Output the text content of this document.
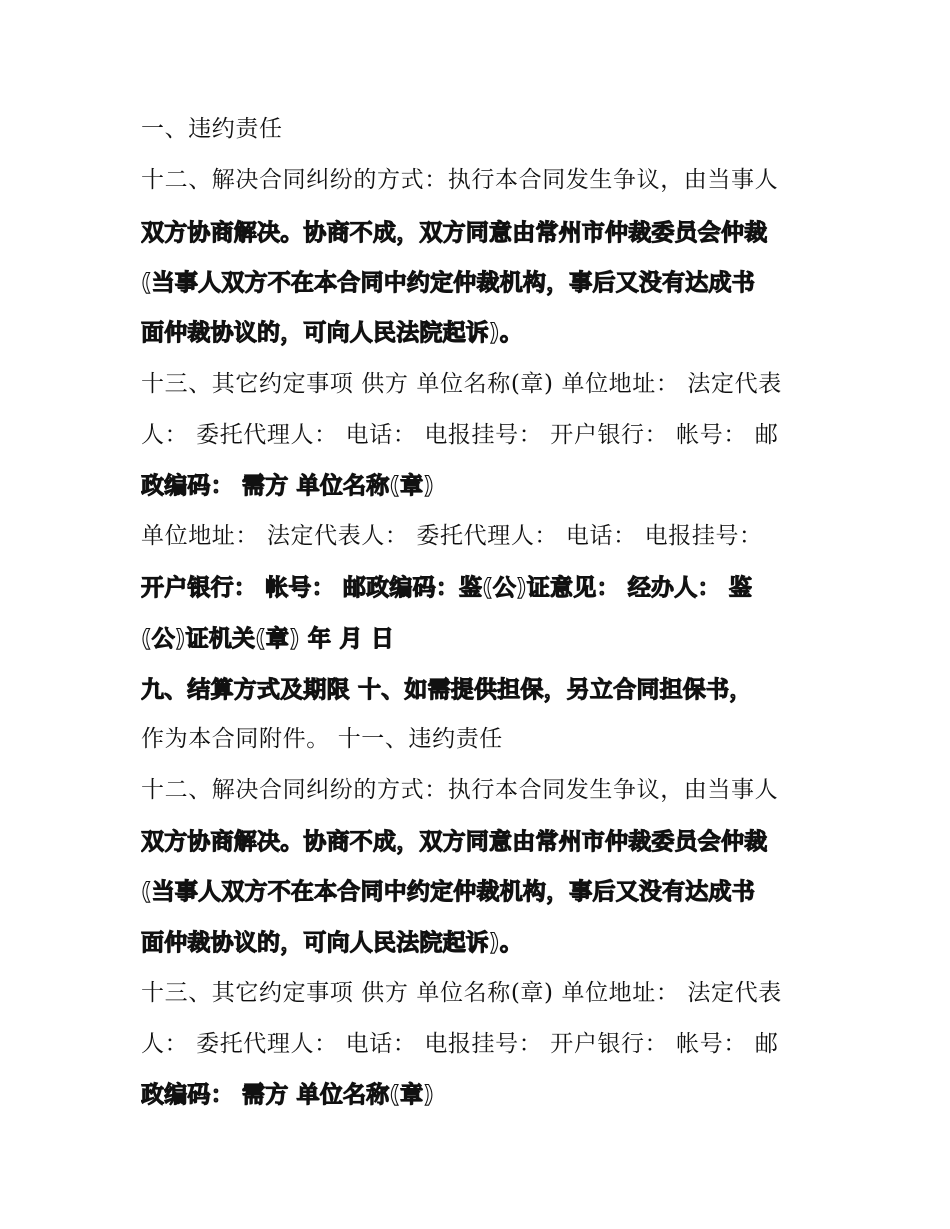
一、违约责任
十二、解决合同纠纷的方式：执行本合同发生争议，由当事人
双方协商解决。协商不成，双方同意由常州市仲裁委员会仲裁
(当事人双方不在本合同中约定仲裁机构，事后又没有达成书
面仲裁协议的，可向人民法院起诉)。
十三、其它约定事项 供方 单位名称(章) 单位地址： 法定代表
人： 委托代理人： 电话： 电报挂号： 开户银行： 帐号： 邮
政编码： 需方 单位名称(章)
单位地址： 法定代表人： 委托代理人： 电话： 电报挂号：
开户银行： 帐号： 邮政编码：鉴(公)证意见： 经办人： 鉴
(公)证机关(章) 年 月 日
九、结算方式及期限 十、如需提供担保，另立合同担保书，
作为本合同附件。 十一、违约责任
十二、解决合同纠纷的方式：执行本合同发生争议，由当事人
双方协商解决。协商不成，双方同意由常州市仲裁委员会仲裁
(当事人双方不在本合同中约定仲裁机构，事后又没有达成书
面仲裁协议的，可向人民法院起诉)。
十三、其它约定事项 供方 单位名称(章) 单位地址： 法定代表
人： 委托代理人： 电话： 电报挂号： 开户银行： 帐号： 邮
政编码： 需方 单位名称(章)
